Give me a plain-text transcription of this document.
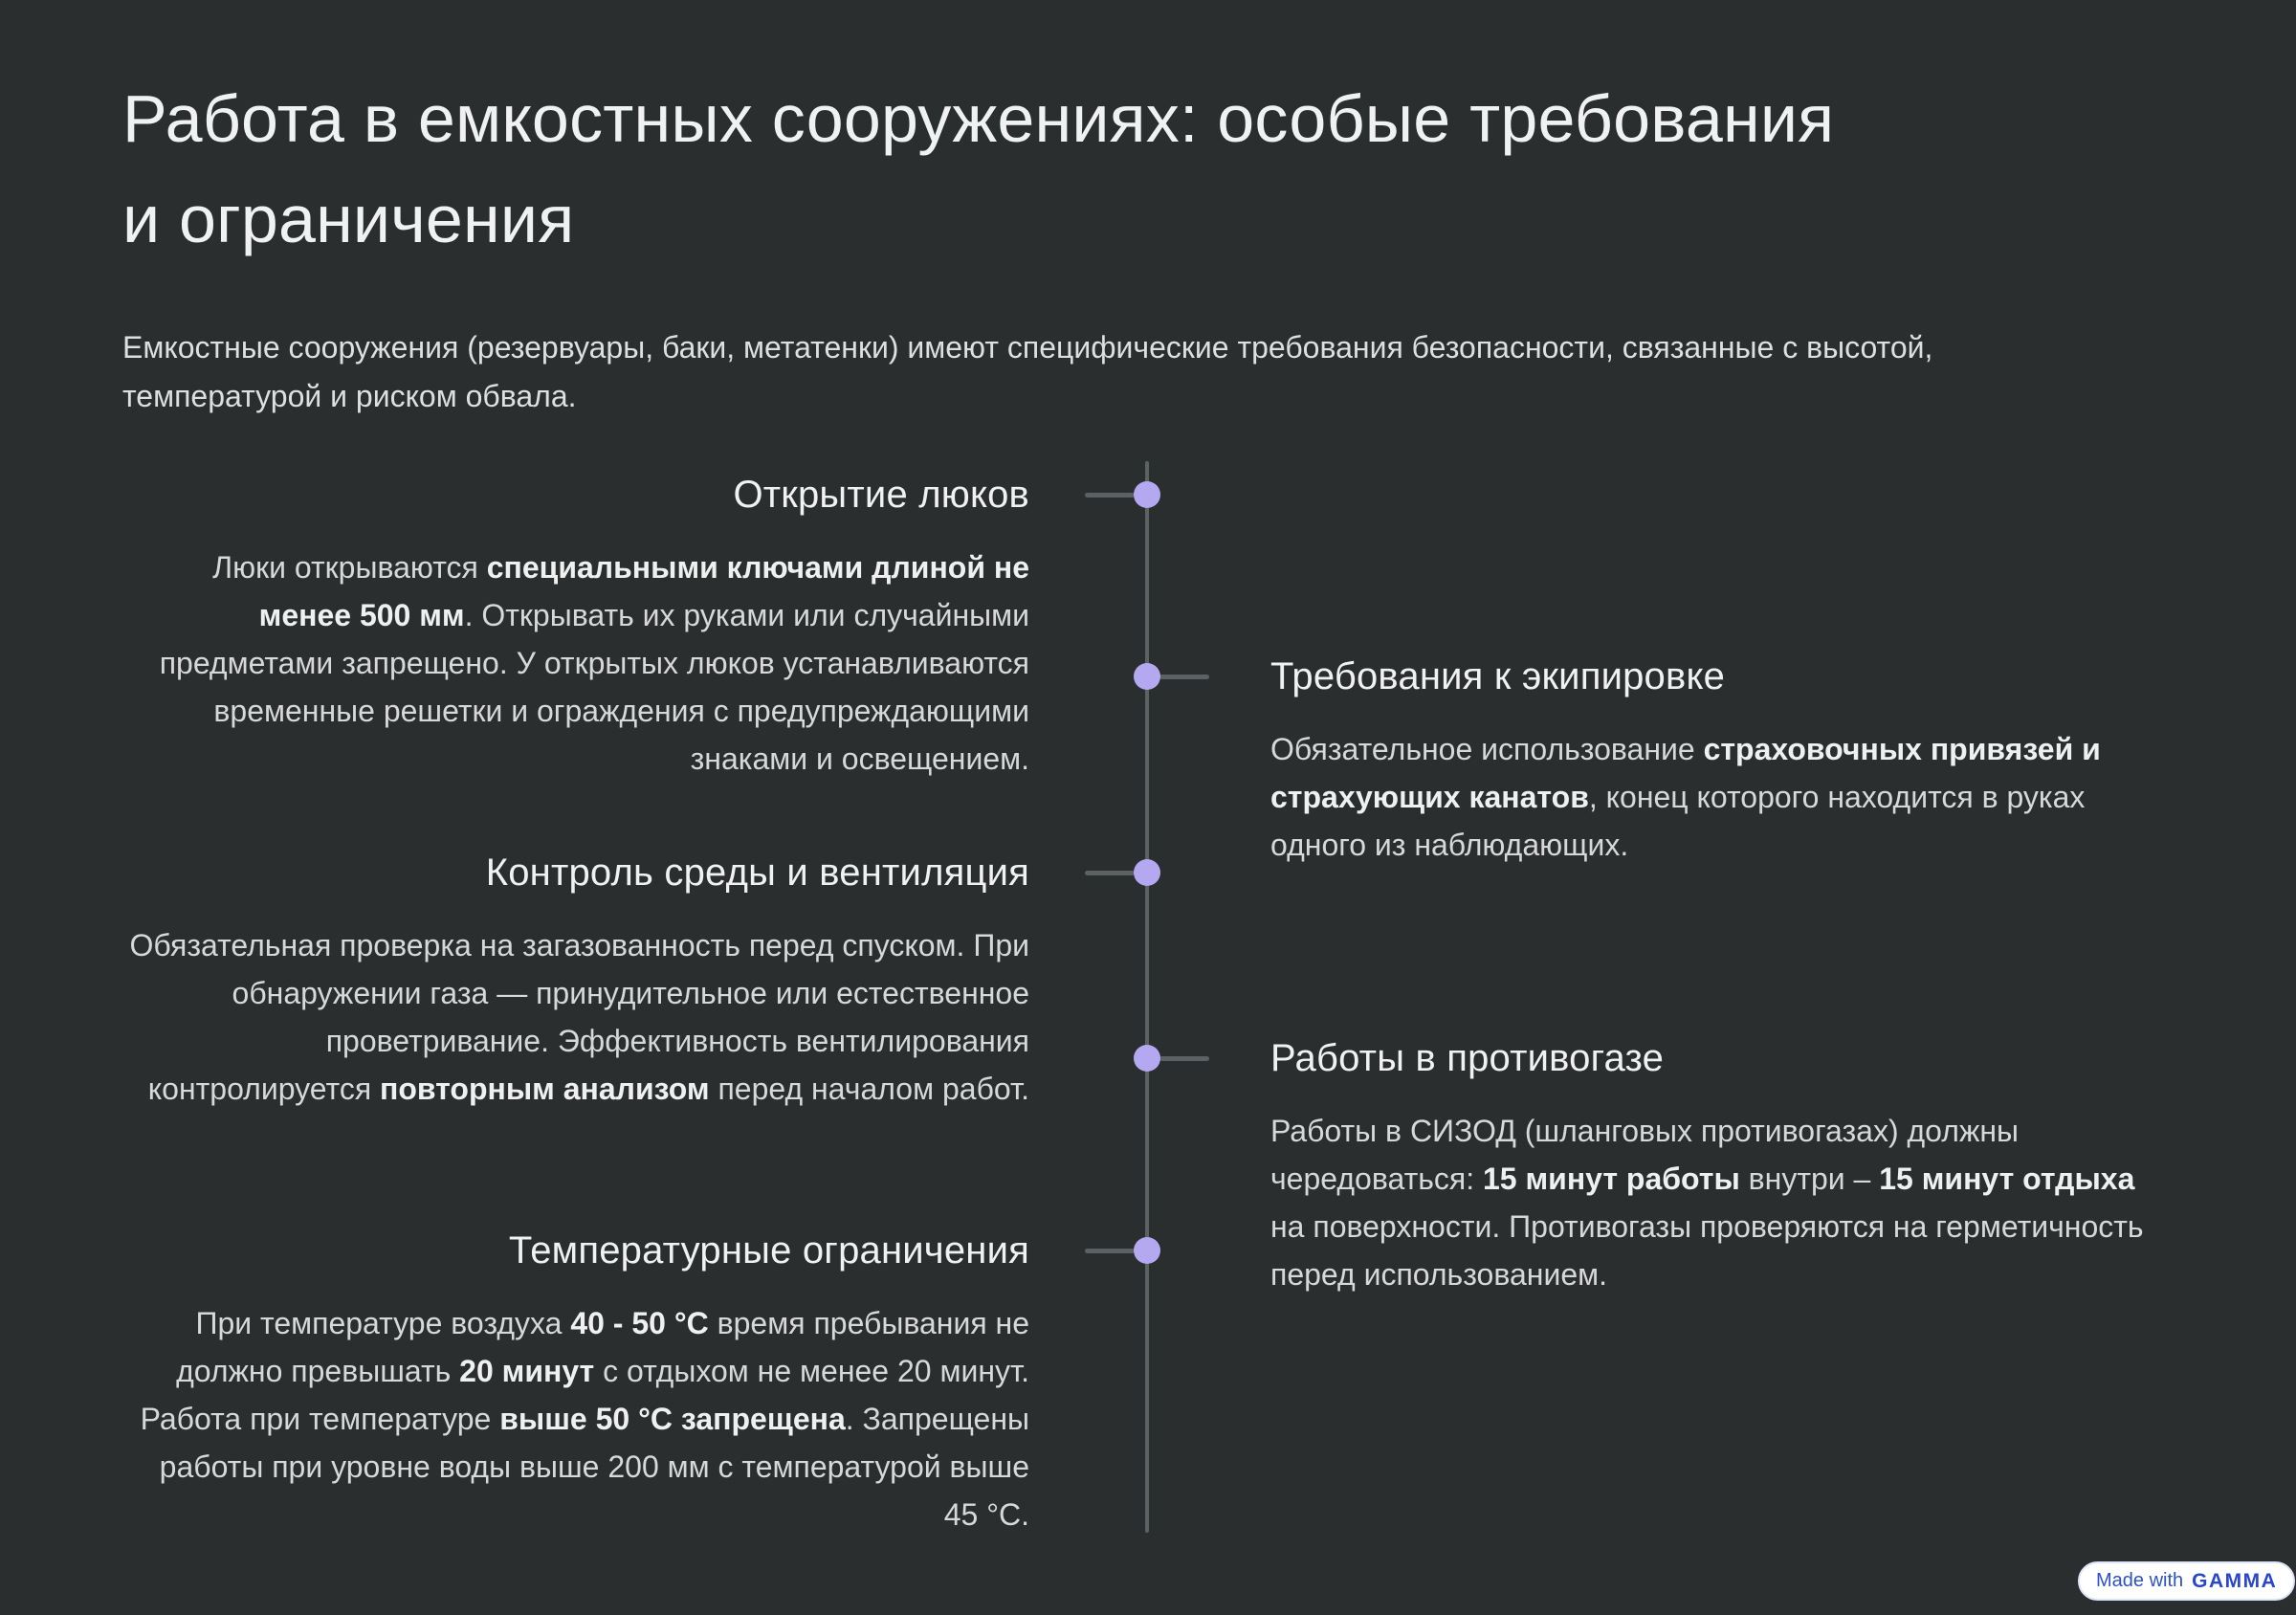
Работа в емкостных сооружениях: особые требования
и ограничения

Емкостные сооружения (резервуары, баки, метатенки) имеют специфические требования безопасности, связанные с высотой, температурой и риском обвала.

Открытие люков

Люки открываются специальными ключами длиной не менее 500 мм. Открывать их руками или случайными предметами запрещено. У открытых люков устанавливаются временные решетки и ограждения с предупреждающими знаками и освещением.

Требования к экипировке

Обязательное использование страховочных привязей и страхующих канатов, конец которого находится в руках одного из наблюдающих.

Контроль среды и вентиляция

Обязательная проверка на загазованность перед спуском. При обнаружении газа — принудительное или естественное проветривание. Эффективность вентилирования контролируется повторным анализом перед началом работ.

Работы в противогазе

Работы в СИЗОД (шланговых противогазах) должны чередоваться: 15 минут работы внутри – 15 минут отдыха на поверхности. Противогазы проверяются на герметичность перед использованием.

Температурные ограничения

При температуре воздуха 40 - 50 °C время пребывания не должно превышать 20 минут с отдыхом не менее 20 минут. Работа при температуре выше 50 °C запрещена. Запрещены работы при уровне воды выше 200 мм с температурой выше 45 °C.

Made with GAMMA
